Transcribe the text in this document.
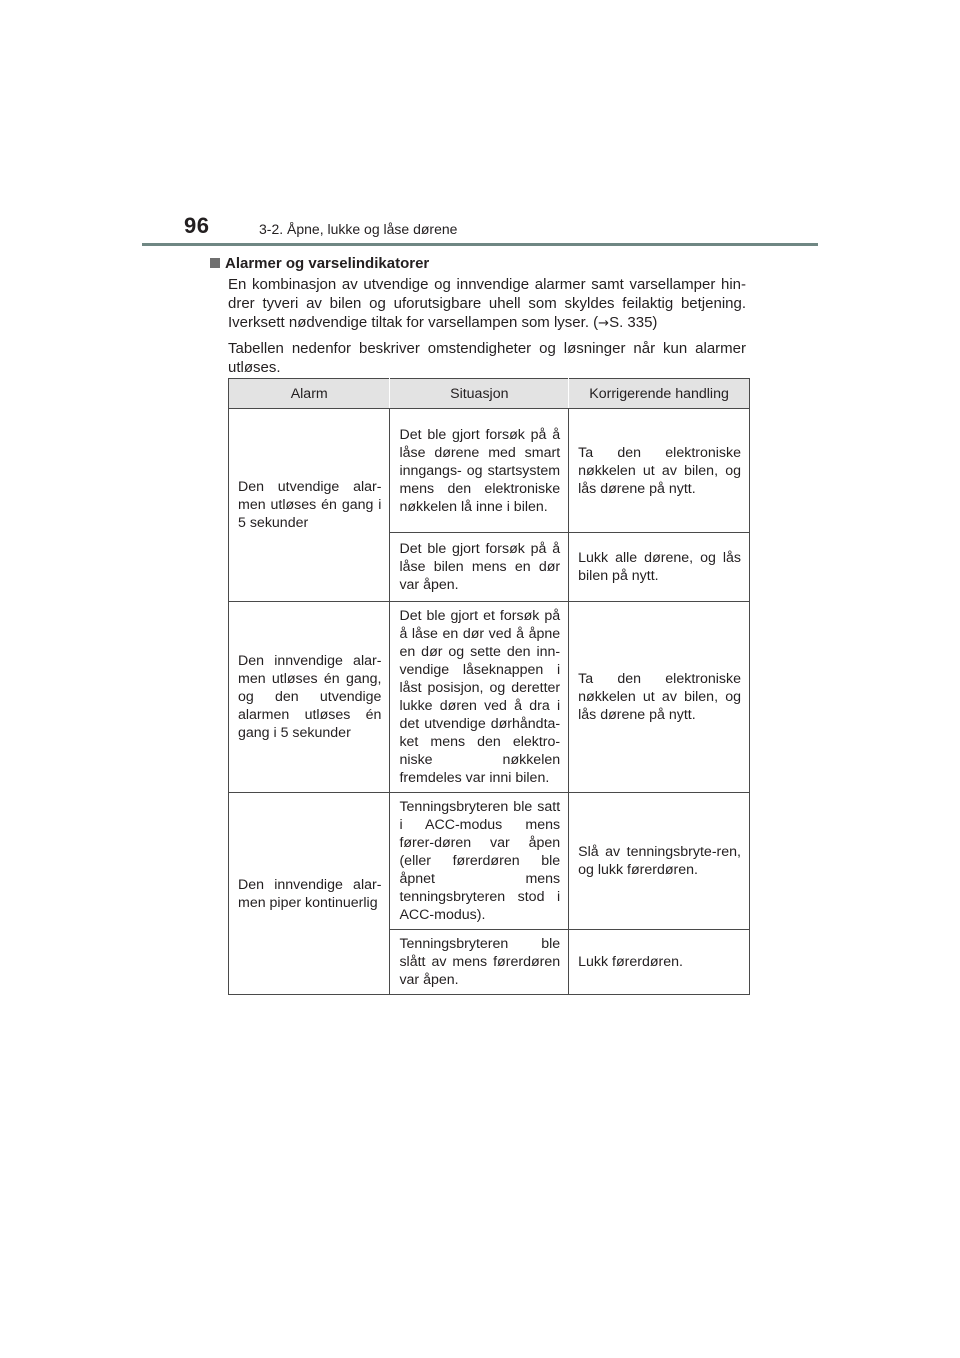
96	3-2. Åpne, lukke og låse dørene
Alarmer og varselindikatorer

En kombinasjon av utvendige og innvendige alarmer samt varsellamper hin-drer tyveri av bilen og uforutsigbare uhell som skyldes feilaktig betjening. Iverksett nødvendige tiltak for varsellampen som lyser. (→S. 335)

Tabellen nedenfor beskriver omstendigheter og løsninger når kun alarmer utløses.

Alarm	Situasjon	Korrigerende handling
Den utvendige alar-men utløses én gang i 5 sekunder	Det ble gjort forsøk på å låse dørene med smart inngangs- og startsystem mens den elektroniske nøkkelen lå inne i bilen.	Ta den elektroniske nøkkelen ut av bilen, og lås dørene på nytt.
	Det ble gjort forsøk på å låse bilen mens en dør var åpen.	Lukk alle dørene, og lås bilen på nytt.
Den innvendige alar-men utløses én gang, og den utvendige alarmen utløses én gang i 5 sekunder	Det ble gjort et forsøk på å låse en dør ved å åpne en dør og sette den inn-vendige låseknappen i låst posisjon, og deretter lukke døren ved å dra i det utvendige dørhåndta-ket mens den elektro-niske nøkkelen fremdeles var inni bilen.	Ta den elektroniske nøkkelen ut av bilen, og lås dørene på nytt.
Den innvendige alar-men piper kontinuerlig	Tenningsbryteren ble satt i ACC-modus mens fører-døren var åpen (eller førerdøren ble åpnet mens tenningsbryteren stod i ACC-modus).	Slå av tenningsbryte-ren, og lukk førerdøren.
	Tenningsbryteren ble slått av mens førerdøren var åpen.	Lukk førerdøren.
